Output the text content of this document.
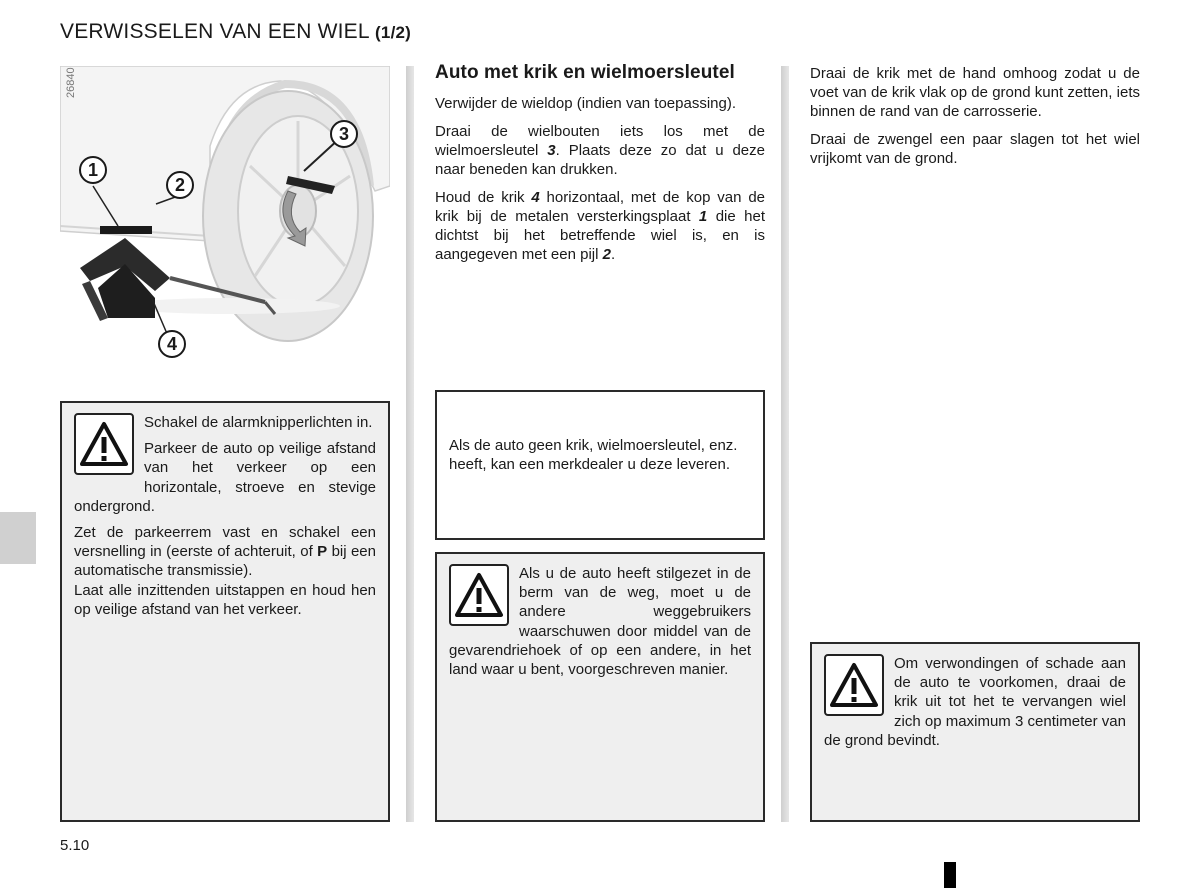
VERWISSELEN VAN EEN WIEL (1/2)
1
2
3
4
26840

Schakel de alarmknipperlichten in.

Parkeer de auto op veilige afstand van het verkeer op een horizontale, stroeve en stevige ondergrond.

Zet de parkeerrem vast en schakel een versnelling in (eerste of achteruit, of P bij een automatische transmissie).
Laat alle inzittenden uitstappen en houd hen op veilige afstand van het verkeer.

Auto met krik en wielmoersleutel

Verwijder de wieldop (indien van toepassing).

Draai de wielbouten iets los met de wielmoersleutel 3. Plaats deze zo dat u deze naar beneden kan drukken.

Houd de krik 4 horizontaal, met de kop van de krik bij de metalen versterkingsplaat 1 die het dichtst bij het betreffende wiel is, en is aangegeven met een pijl 2.

Als de auto geen krik, wielmoersleutel, enz. heeft, kan een merkdealer u deze leveren.

Als u de auto heeft stilgezet in de berm van de weg, moet u de andere weggebruikers waarschuwen door middel van de gevarendriehoek of op een andere, in het land waar u bent, voorgeschreven manier.

Draai de krik met de hand omhoog zodat u de voet van de krik vlak op de grond kunt zetten, iets binnen de rand van de carrosserie.

Draai de zwengel een paar slagen tot het wiel vrijkomt van de grond.

Om verwondingen of schade aan de auto te voorkomen, draai de krik uit tot het te vervangen wiel zich op maximum 3 centimeter van de grond bevindt.

5.10
